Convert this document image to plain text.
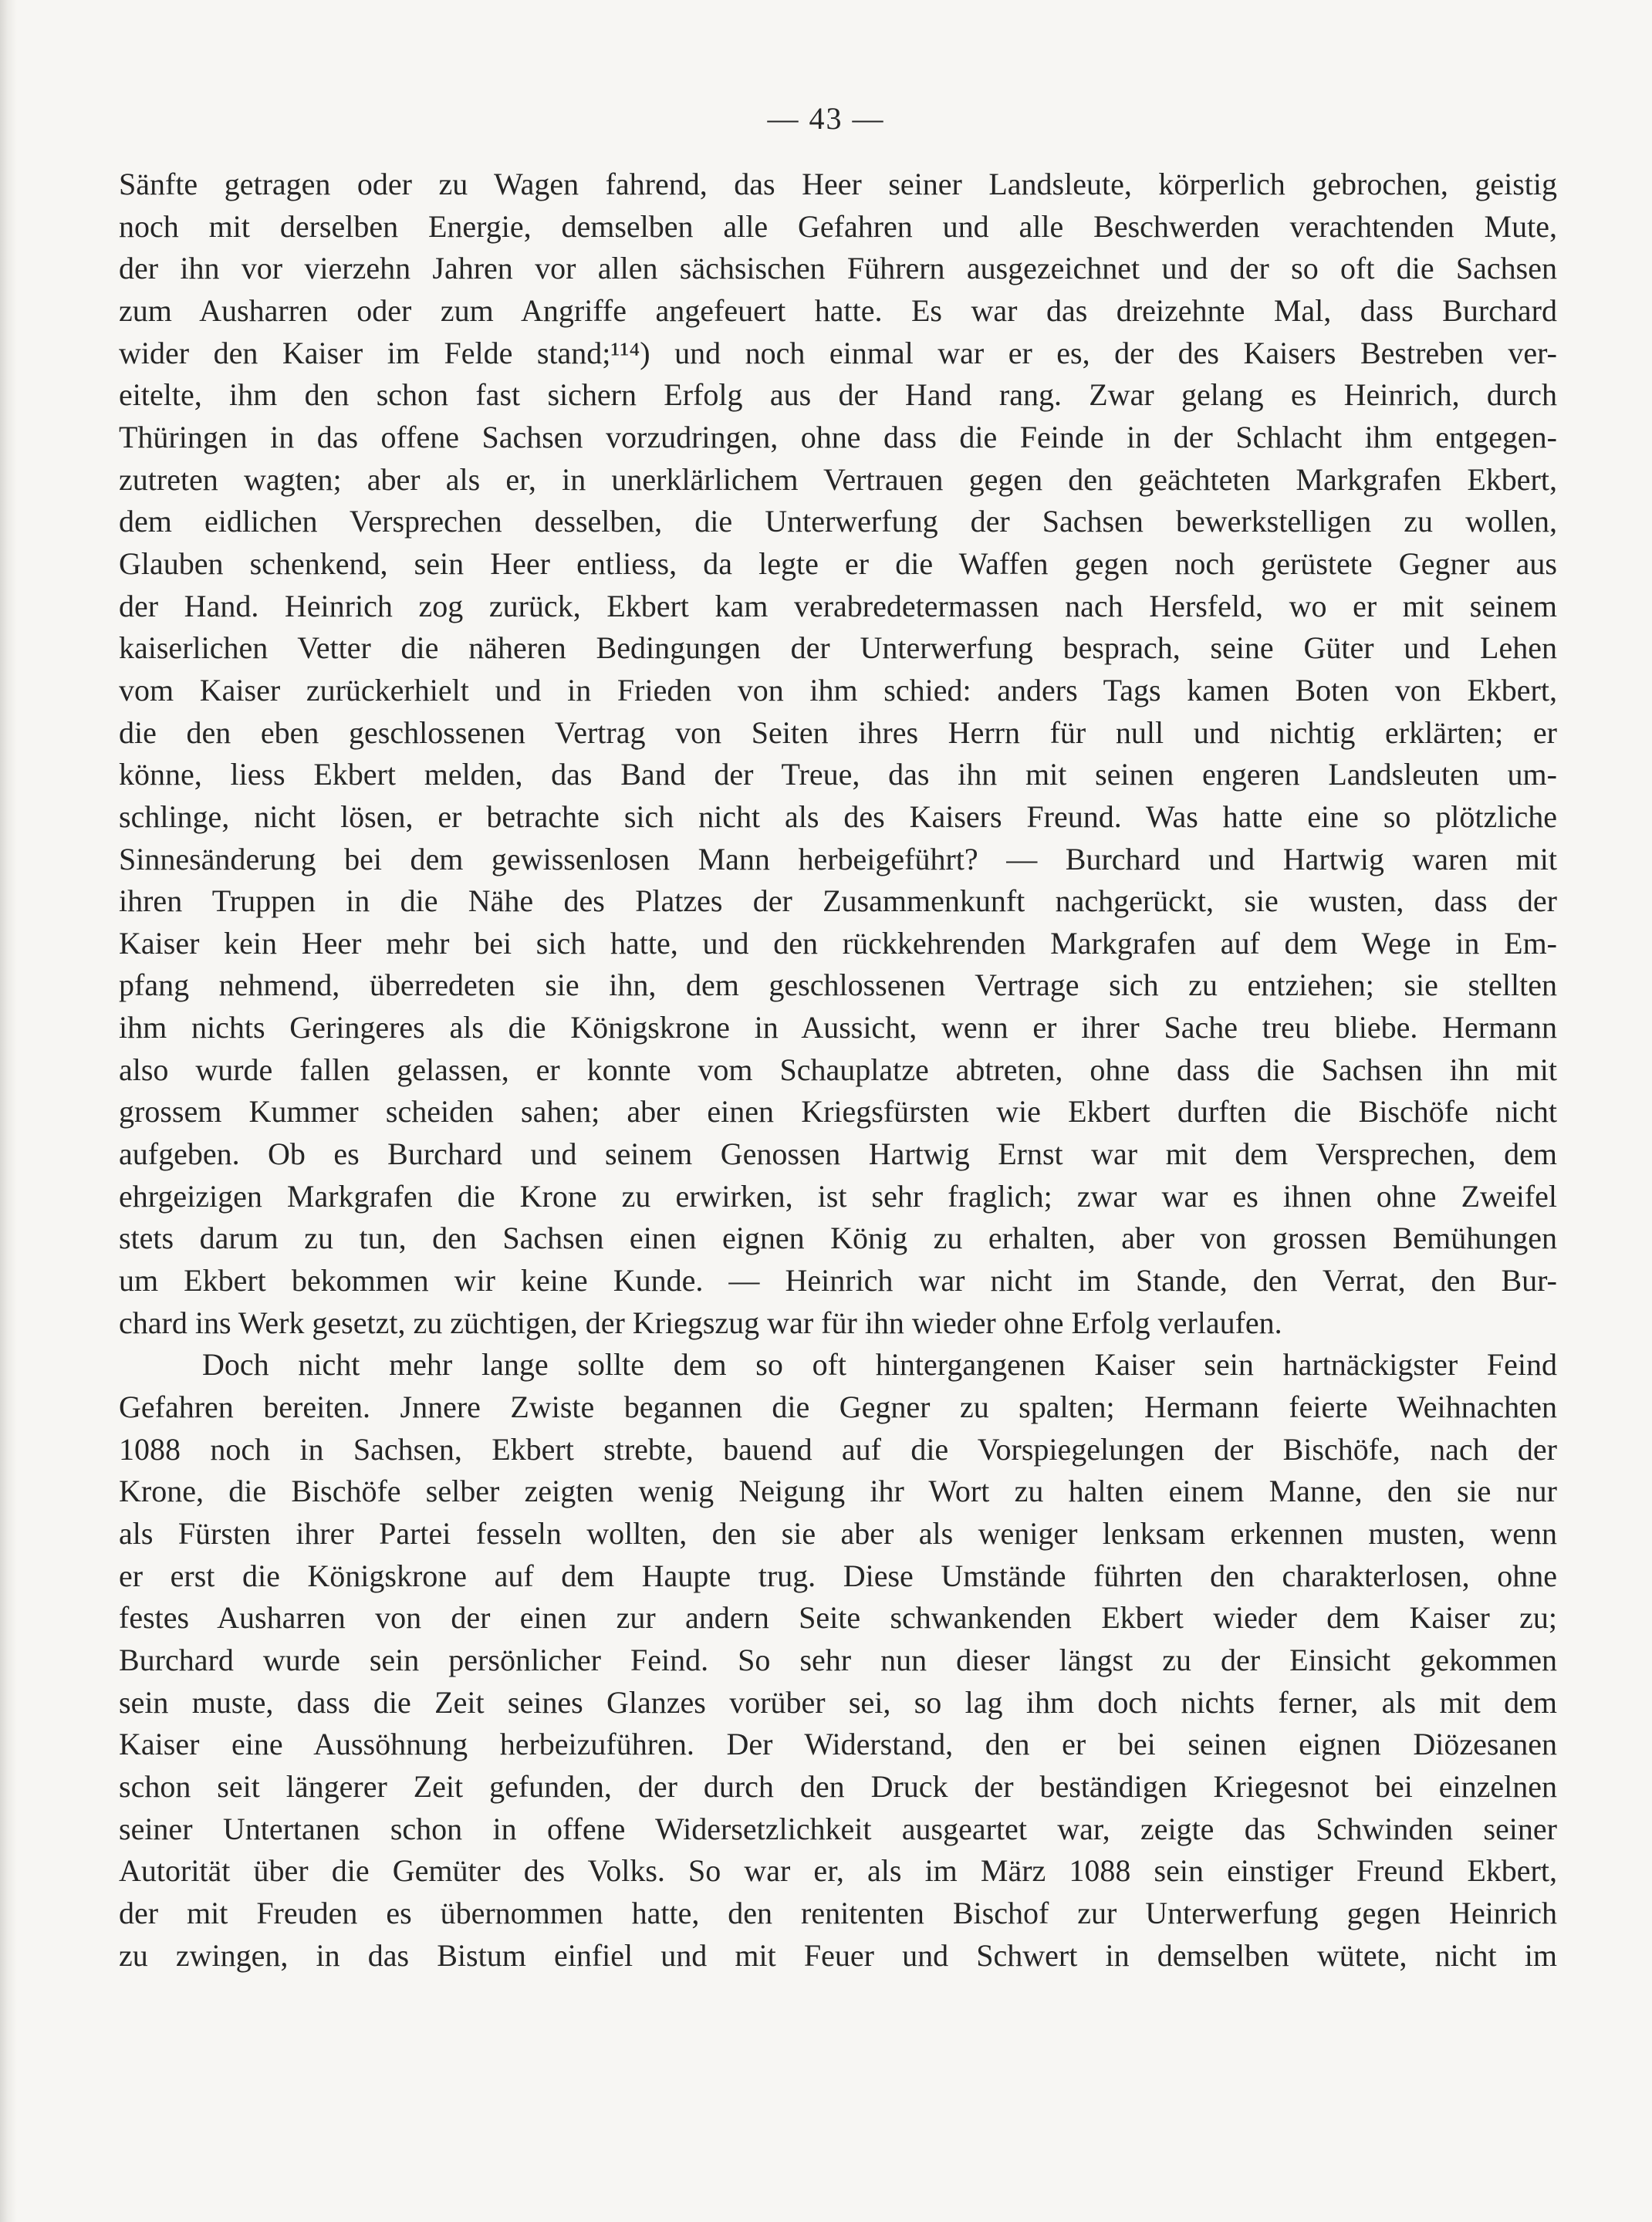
— 43 —
Sänfte getragen oder zu Wagen fahrend, das Heer seiner Landsleute, körperlich gebrochen, geistig
noch mit derselben Energie, demselben alle Gefahren und alle Beschwerden verachtenden Mute,
der ihn vor vierzehn Jahren vor allen sächsischen Führern ausgezeichnet und der so oft die Sachsen
zum Ausharren oder zum Angriffe angefeuert hatte. Es war das dreizehnte Mal, dass Burchard
wider den Kaiser im Felde stand;¹¹⁴) und noch einmal war er es, der des Kaisers Bestreben ver-
eitelte, ihm den schon fast sichern Erfolg aus der Hand rang. Zwar gelang es Heinrich, durch
Thüringen in das offene Sachsen vorzudringen, ohne dass die Feinde in der Schlacht ihm entgegen-
zutreten wagten; aber als er, in unerklärlichem Vertrauen gegen den geächteten Markgrafen Ekbert,
dem eidlichen Versprechen desselben, die Unterwerfung der Sachsen bewerkstelligen zu wollen,
Glauben schenkend, sein Heer entliess, da legte er die Waffen gegen noch gerüstete Gegner aus
der Hand. Heinrich zog zurück, Ekbert kam verabredetermassen nach Hersfeld, wo er mit seinem
kaiserlichen Vetter die näheren Bedingungen der Unterwerfung besprach, seine Güter und Lehen
vom Kaiser zurückerhielt und in Frieden von ihm schied: anders Tags kamen Boten von Ekbert,
die den eben geschlossenen Vertrag von Seiten ihres Herrn für null und nichtig erklärten; er
könne, liess Ekbert melden, das Band der Treue, das ihn mit seinen engeren Landsleuten um-
schlinge, nicht lösen, er betrachte sich nicht als des Kaisers Freund. Was hatte eine so plötzliche
Sinnesänderung bei dem gewissenlosen Mann herbeigeführt? — Burchard und Hartwig waren mit
ihren Truppen in die Nähe des Platzes der Zusammenkunft nachgerückt, sie wusten, dass der
Kaiser kein Heer mehr bei sich hatte, und den rückkehrenden Markgrafen auf dem Wege in Em-
pfang nehmend, überredeten sie ihn, dem geschlossenen Vertrage sich zu entziehen; sie stellten
ihm nichts Geringeres als die Königskrone in Aussicht, wenn er ihrer Sache treu bliebe. Hermann
also wurde fallen gelassen, er konnte vom Schauplatze abtreten, ohne dass die Sachsen ihn mit
grossem Kummer scheiden sahen; aber einen Kriegsfürsten wie Ekbert durften die Bischöfe nicht
aufgeben. Ob es Burchard und seinem Genossen Hartwig Ernst war mit dem Versprechen, dem
ehrgeizigen Markgrafen die Krone zu erwirken, ist sehr fraglich; zwar war es ihnen ohne Zweifel
stets darum zu tun, den Sachsen einen eignen König zu erhalten, aber von grossen Bemühungen
um Ekbert bekommen wir keine Kunde. — Heinrich war nicht im Stande, den Verrat, den Bur-
chard ins Werk gesetzt, zu züchtigen, der Kriegszug war für ihn wieder ohne Erfolg verlaufen.
Doch nicht mehr lange sollte dem so oft hintergangenen Kaiser sein hartnäckigster Feind
Gefahren bereiten. Jnnere Zwiste begannen die Gegner zu spalten; Hermann feierte Weihnachten
1088 noch in Sachsen, Ekbert strebte, bauend auf die Vorspiegelungen der Bischöfe, nach der
Krone, die Bischöfe selber zeigten wenig Neigung ihr Wort zu halten einem Manne, den sie nur
als Fürsten ihrer Partei fesseln wollten, den sie aber als weniger lenksam erkennen musten, wenn
er erst die Königskrone auf dem Haupte trug. Diese Umstände führten den charakterlosen, ohne
festes Ausharren von der einen zur andern Seite schwankenden Ekbert wieder dem Kaiser zu;
Burchard wurde sein persönlicher Feind. So sehr nun dieser längst zu der Einsicht gekommen
sein muste, dass die Zeit seines Glanzes vorüber sei, so lag ihm doch nichts ferner, als mit dem
Kaiser eine Aussöhnung herbeizuführen. Der Widerstand, den er bei seinen eignen Diözesanen
schon seit längerer Zeit gefunden, der durch den Druck der beständigen Kriegesnot bei einzelnen
seiner Untertanen schon in offene Widersetzlichkeit ausgeartet war, zeigte das Schwinden seiner
Autorität über die Gemüter des Volks. So war er, als im März 1088 sein einstiger Freund Ekbert,
der mit Freuden es übernommen hatte, den renitenten Bischof zur Unterwerfung gegen Heinrich
zu zwingen, in das Bistum einfiel und mit Feuer und Schwert in demselben wütete, nicht im
